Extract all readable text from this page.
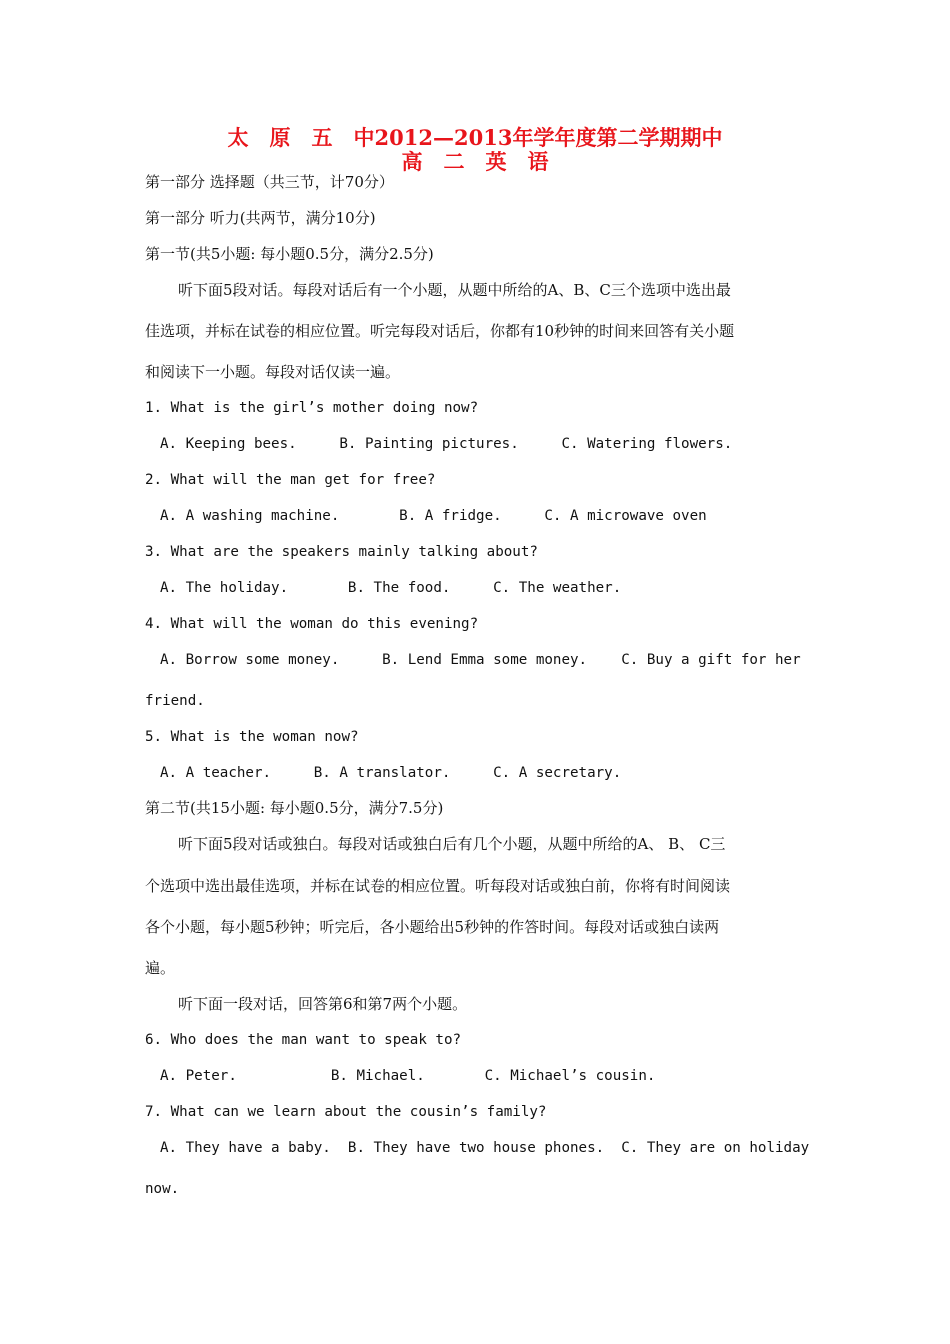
太　原　五　中2012—2013年学年度第二学期期中
高　二　英　语
第一部分 选择题（共三节，计70分）
第一部分 听力(共两节，满分10分)
第一节(共5小题: 每小题0.5分，满分2.5分)
听下面5段对话。每段对话后有一个小题，从题中所给的A、B、C三个选项中选出最
佳选项，并标在试卷的相应位置。听完每段对话后，你都有10秒钟的时间来回答有关小题
和阅读下一小题。每段对话仅读一遍。
1. What is the girl’s mother doing now?
A. Keeping bees.     B. Painting pictures.     C. Watering flowers.
2. What will the man get for free?
A. A washing machine.       B. A fridge.     C. A microwave oven
3. What are the speakers mainly talking about?
A. The holiday.       B. The food.     C. The weather.
4. What will the woman do this evening?
A. Borrow some money.     B. Lend Emma some money.    C. Buy a gift for her
friend.
5. What is the woman now?
A. A teacher.     B. A translator.     C. A secretary.
第二节(共15小题: 每小题0.5分，满分7.5分)
听下面5段对话或独白。每段对话或独白后有几个小题，从题中所给的A、 B、 C三
个选项中选出最佳选项，并标在试卷的相应位置。听每段对话或独白前，你将有时间阅读
各个小题，每小题5秒钟；听完后，各小题给出5秒钟的作答时间。每段对话或独白读两
遍。
听下面一段对话，回答第6和第7两个小题。
6. Who does the man want to speak to?
A. Peter.           B. Michael.       C. Michael’s cousin.
7. What can we learn about the cousin’s family?
A. They have a baby.  B. They have two house phones.  C. They are on holiday
now.
